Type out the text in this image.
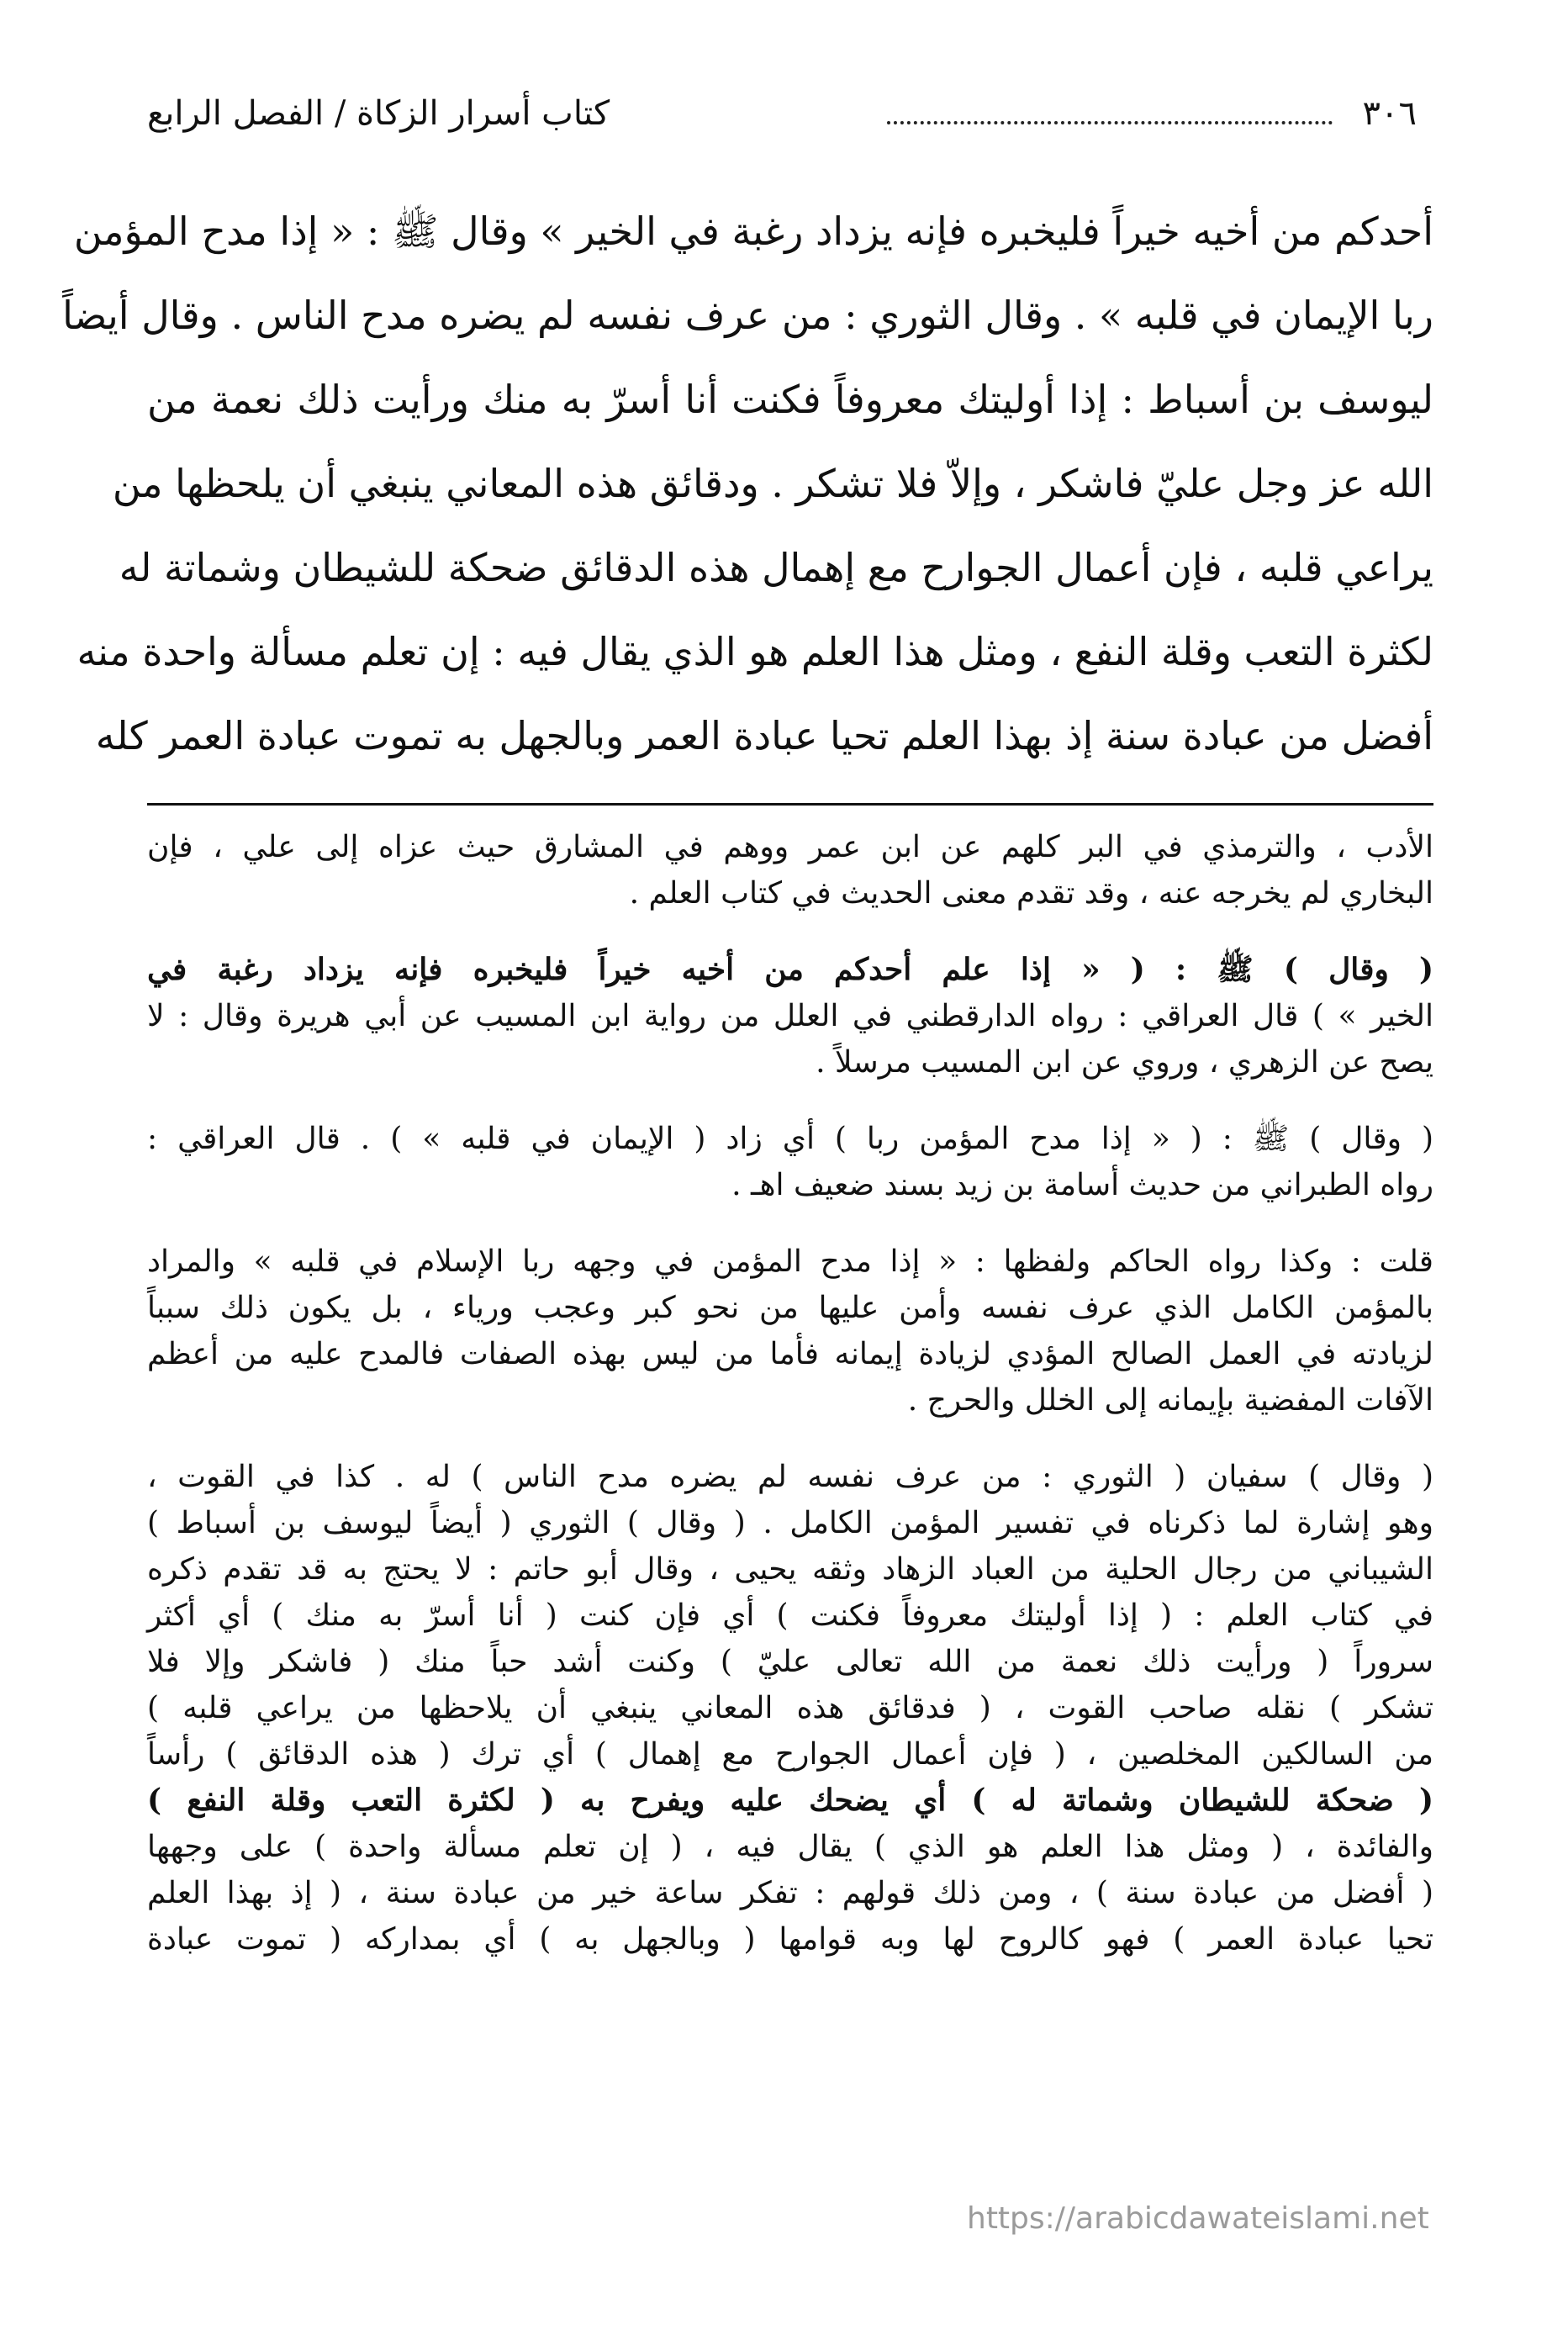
٣٠٦
كتاب أسرار الزكاة / الفصل الرابع

أحدكم من أخيه خيراً فليخبره فإنه يزداد رغبة في الخير » وقال ﷺ : « إذا مدح المؤمن

ربا الإيمان في قلبه » . وقال الثوري : من عرف نفسه لم يضره مدح الناس . وقال أيضاً

ليوسف بن أسباط : إذا أوليتك معروفاً فكنت أنا أسرّ به منك ورأيت ذلك نعمة من

الله عز وجل عليّ فاشكر ، وإلاّ فلا تشكر . ودقائق هذه المعاني ينبغي أن يلحظها من

يراعي قلبه ، فإن أعمال الجوارح مع إهمال هذه الدقائق ضحكة للشيطان وشماتة له

لكثرة التعب وقلة النفع ، ومثل هذا العلم هو الذي يقال فيه : إن تعلم مسألة واحدة منه

أفضل من عبادة سنة إذ بهذا العلم تحيا عبادة العمر وبالجهل به تموت عبادة العمر كله

الأدب ، والترمذي في البر كلهم عن ابن عمر ووهم في المشارق حيث عزاه إلى علي ، فإن

البخاري لم يخرجه عنه ، وقد تقدم معنى الحديث في كتاب العلم .

( وقال ) ﷺ : ( « إذا علم أحدكم من أخيه خيراً فليخبره فإنه يزداد رغبة في

الخير » ) قال العراقي : رواه الدارقطني في العلل من رواية ابن المسيب عن أبي هريرة وقال : لا

يصح عن الزهري ، وروي عن ابن المسيب مرسلاً .

( وقال ) ﷺ : ( « إذا مدح المؤمن ربا ) أي زاد ( الإيمان في قلبه » ) . قال العراقي :

رواه الطبراني من حديث أسامة بن زيد بسند ضعيف اهـ .

قلت : وكذا رواه الحاكم ولفظها : « إذا مدح المؤمن في وجهه ربا الإسلام في قلبه » والمراد

بالمؤمن الكامل الذي عرف نفسه وأمن عليها من نحو كبر وعجب ورياء ، بل يكون ذلك سبباً

لزيادته في العمل الصالح المؤدي لزيادة إيمانه فأما من ليس بهذه الصفات فالمدح عليه من أعظم

الآفات المفضية بإيمانه إلى الخلل والحرج .

( وقال ) سفيان ( الثوري : من عرف نفسه لم يضره مدح الناس ) له . كذا في القوت ،

وهو إشارة لما ذكرناه في تفسير المؤمن الكامل . ( وقال ) الثوري ( أيضاً ليوسف بن أسباط )

الشيباني من رجال الحلية من العباد الزهاد وثقه يحيى ، وقال أبو حاتم : لا يحتج به قد تقدم ذكره

في كتاب العلم : ( إذا أوليتك معروفاً فكنت ) أي فإن كنت ( أنا أسرّ به منك ) أي أكثر

سروراً ( ورأيت ذلك نعمة من الله تعالى عليّ ) وكنت أشد حباً منك ( فاشكر وإلا فلا

تشكر ) نقله صاحب القوت ، ( فدقائق هذه المعاني ينبغي أن يلاحظها من يراعي قلبه )

من السالكين المخلصين ، ( فإن أعمال الجوارح مع إهمال ) أي ترك ( هذه الدقائق ) رأساً

( ضحكة للشيطان وشماتة له ) أي يضحك عليه ويفرح به ( لكثرة التعب وقلة النفع )

والفائدة ، ( ومثل هذا العلم هو الذي ) يقال فيه ، ( إن تعلم مسألة واحدة ) على وجهها

( أفضل من عبادة سنة ) ، ومن ذلك قولهم : تفكر ساعة خير من عبادة سنة ، ( إذ بهذا العلم

تحيا عبادة العمر ) فهو كالروح لها وبه قوامها ( وبالجهل به ) أي بمداركه ( تموت عبادة

https://arabicdawateislami.net
